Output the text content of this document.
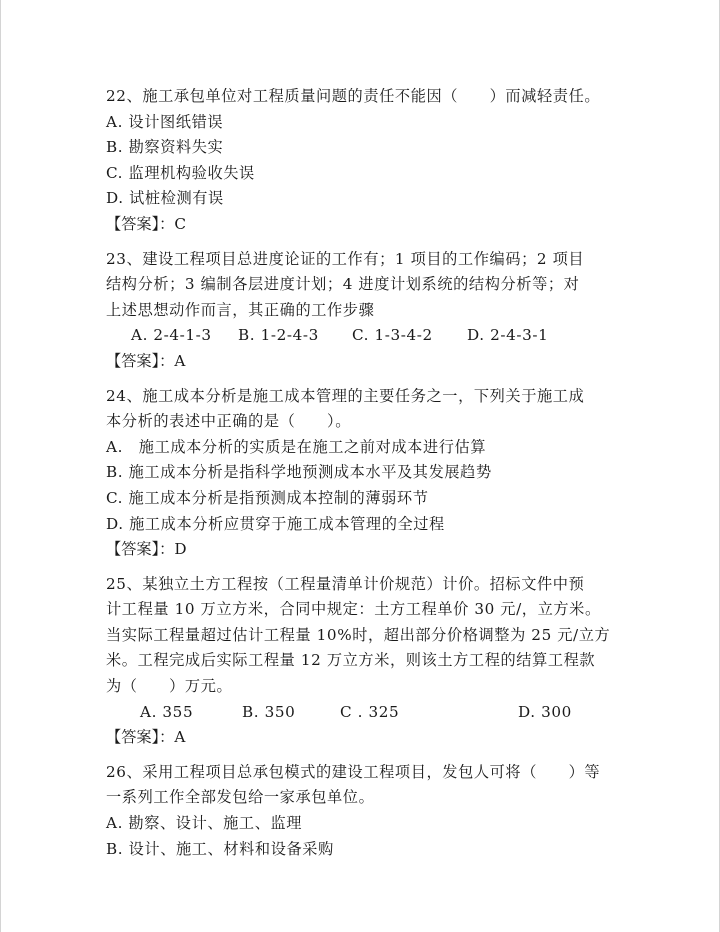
22、施工承包单位对工程质量问题的责任不能因（　　）而减轻责任。
A. 设计图纸错误
B. 勘察资料失实
C. 监理机构验收失误
D. 试桩检测有误
【答案】：C
23、建设工程项目总进度论证的工作有；1 项目的工作编码；2 项目
结构分析；3 编制各层进度计划；4 进度计划系统的结构分析等；对
上述思想动作而言，其正确的工作步骤
A. 2-4-1-3 B. 1-2-4-3 C. 1-3-4-2 D. 2-4-3-1
【答案】：A
24、施工成本分析是施工成本管理的主要任务之一，下列关于施工成
本分析的表述中正确的是（　　）。
A.　施工成本分析的实质是在施工之前对成本进行估算
B. 施工成本分析是指科学地预测成本水平及其发展趋势
C. 施工成本分析是指预测成本控制的薄弱环节
D. 施工成本分析应贯穿于施工成本管理的全过程
【答案】：D
25、某独立土方工程按（工程量清单计价规范）计价。招标文件中预
计工程量 10 万立方米，合同中规定：土方工程单价 30 元/，立方米。
当实际工程量超过估计工程量 10%时，超出部分价格调整为 25 元/立方
米。工程完成后实际工程量 12 万立方米，则该土方工程的结算工程款
为（　　）万元。
A. 355	B. 350	C . 325	D. 300
【答案】：A
26、采用工程项目总承包模式的建设工程项目，发包人可将（　　）等
一系列工作全部发包给一家承包单位。
A. 勘察、设计、施工、监理
B. 设计、施工、材料和设备采购
